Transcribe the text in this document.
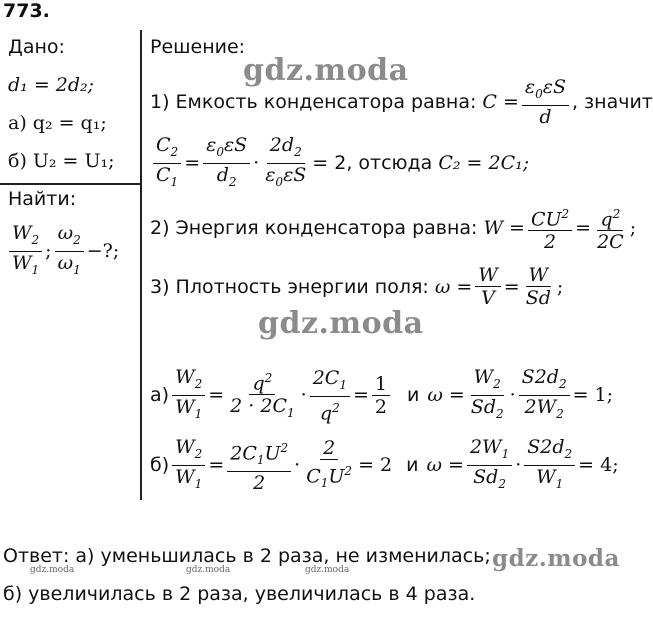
773.
Дано:
d₁ = 2d₂;
а) q₂ = q₁;
б) U₂ = U₁;
Найти:
$\frac{W_2}{W_1}$ ; $\frac{\omega_2}{\omega_1}$ −?;
Решение:
1) Емкость конденсатора равна: $C = \frac{\varepsilon_0\varepsilon S}{d}$ , значит
$\frac{C_2}{C_1} = \frac{\varepsilon_0\varepsilon S}{d_2} \cdot \frac{2d_2}{\varepsilon_0\varepsilon S} = 2$, отсюда C₂ = 2C₁;
2) Энергия конденсатора равна: $W = \frac{CU^2}{2} = \frac{q^2}{2C}$ ;
3) Плотность энергии поля: $\omega = \frac{W}{V} = \frac{W}{Sd}$ ;
$а) \frac{W_2}{W_1} = \frac{q^2}{2 \cdot 2C_1} \cdot \frac{2C_1}{q^2} = \frac{1}{2}$ и $\omega = \frac{W_2}{Sd_2} \cdot \frac{S2d_2}{2W_2} = 1$;
$б) \frac{W_2}{W_1} = \frac{2C_1U^2}{2} \cdot \frac{2}{C_1U^2} = 2$ и $\omega = \frac{2W_1}{Sd_2} \cdot \frac{S2d_2}{W_1} = 4$;
Ответ: а) уменьшилась в 2 раза, не изменилась;
б) увеличилась в 2 раза, увеличилась в 4 раза.
gdz.moda
gdz.moda
gdz.moda
gdz.moda	gdz.moda	gdz.moda
